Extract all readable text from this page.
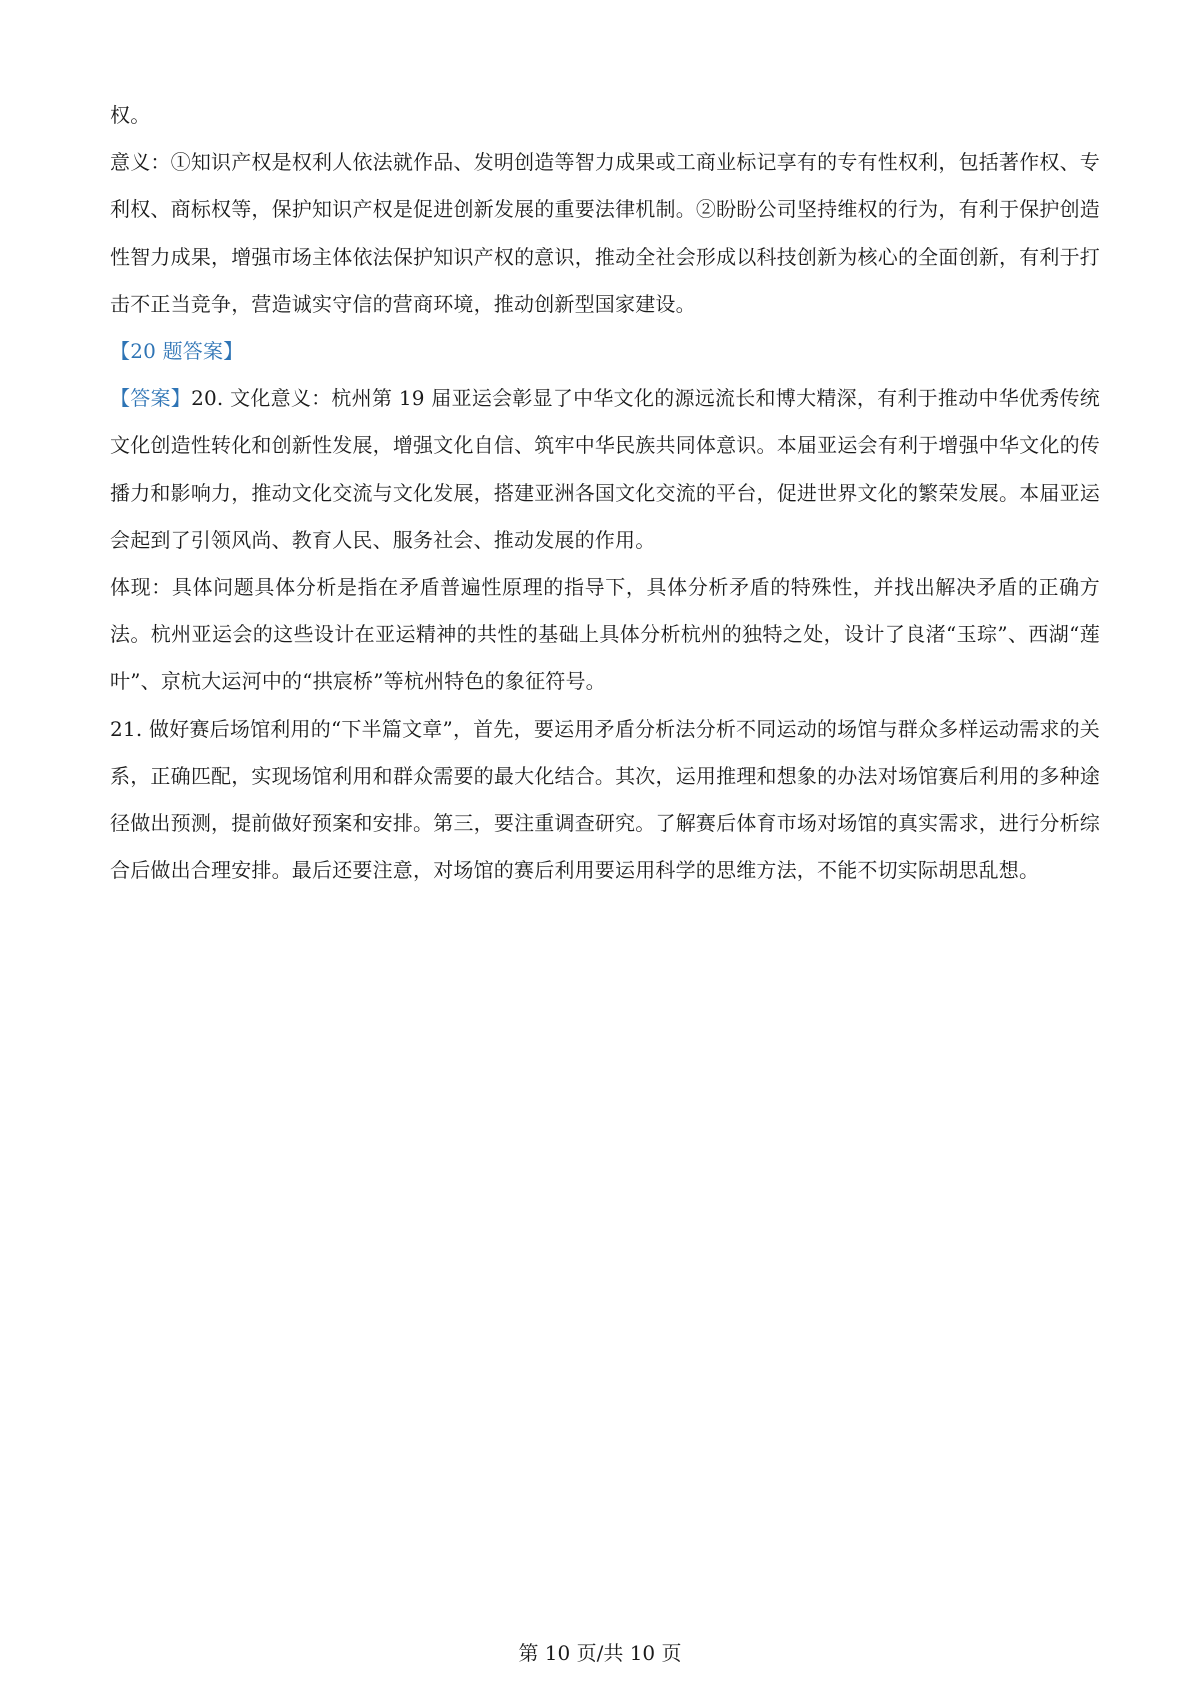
权。

意义：①知识产权是权利人依法就作品、发明创造等智力成果或工商业标记享有的专有性权利，包括著作权、专利权、商标权等，保护知识产权是促进创新发展的重要法律机制。②盼盼公司坚持维权的行为，有利于保护创造性智力成果，增强市场主体依法保护知识产权的意识，推动全社会形成以科技创新为核心的全面创新，有利于打击不正当竞争，营造诚实守信的营商环境，推动创新型国家建设。

【20 题答案】

【答案】20. 文化意义：杭州第 19 届亚运会彰显了中华文化的源远流长和博大精深，有利于推动中华优秀传统文化创造性转化和创新性发展，增强文化自信、筑牢中华民族共同体意识。本届亚运会有利于增强中华文化的传播力和影响力，推动文化交流与文化发展，搭建亚洲各国文化交流的平台，促进世界文化的繁荣发展。本届亚运会起到了引领风尚、教育人民、服务社会、推动发展的作用。

体现：具体问题具体分析是指在矛盾普遍性原理的指导下，具体分析矛盾的特殊性，并找出解决矛盾的正确方法。杭州亚运会的这些设计在亚运精神的共性的基础上具体分析杭州的独特之处，设计了良渚“玉琮”、西湖“莲叶”、京杭大运河中的“拱宸桥”等杭州特色的象征符号。

21. 做好赛后场馆利用的“下半篇文章”，首先，要运用矛盾分析法分析不同运动的场馆与群众多样运动需求的关系，正确匹配，实现场馆利用和群众需要的最大化结合。其次，运用推理和想象的办法对场馆赛后利用的多种途径做出预测，提前做好预案和安排。第三，要注重调查研究。了解赛后体育市场对场馆的真实需求，进行分析综合后做出合理安排。最后还要注意，对场馆的赛后利用要运用科学的思维方法，不能不切实际胡思乱想。

第 10 页/共 10 页
